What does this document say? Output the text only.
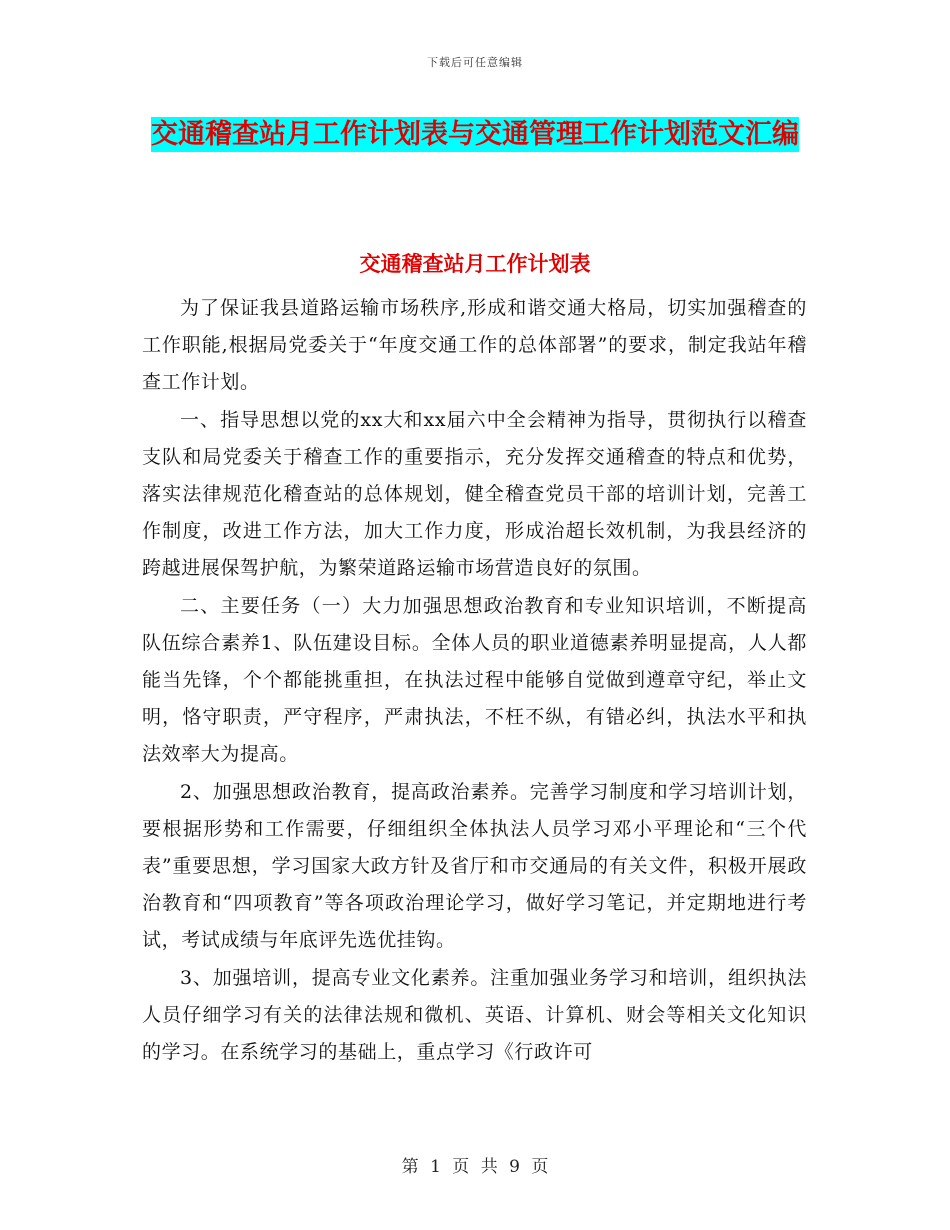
下载后可任意编辑
交通稽查站月工作计划表与交通管理工作计划范文汇编
交通稽查站月工作计划表

为了保证我县道路运输市场秩序,形成和谐交通大格局，切实加强稽查的工作职能,根据局党委关于“年度交通工作的总体部署”的要求，制定我站年稽查工作计划。

一、指导思想以党的xx大和xx届六中全会精神为指导，贯彻执行以稽查支队和局党委关于稽查工作的重要指示，充分发挥交通稽查的特点和优势，落实法律规范化稽查站的总体规划，健全稽查党员干部的培训计划，完善工作制度，改进工作方法，加大工作力度，形成治超长效机制，为我县经济的跨越进展保驾护航，为繁荣道路运输市场营造良好的氛围。

二、主要任务（一）大力加强思想政治教育和专业知识培训，不断提高队伍综合素养1、队伍建设目标。全体人员的职业道德素养明显提高，人人都能当先锋，个个都能挑重担，在执法过程中能够自觉做到遵章守纪，举止文明，恪守职责，严守程序，严肃执法，不枉不纵，有错必纠，执法水平和执法效率大为提高。

2、加强思想政治教育，提高政治素养。完善学习制度和学习培训计划，要根据形势和工作需要，仔细组织全体执法人员学习邓小平理论和“三个代表”重要思想，学习国家大政方针及省厅和市交通局的有关文件，积极开展政治教育和“四项教育”等各项政治理论学习，做好学习笔记，并定期地进行考试，考试成绩与年底评先选优挂钩。

3、加强培训，提高专业文化素养。注重加强业务学习和培训，组织执法人员仔细学习有关的法律法规和微机、英语、计算机、财会等相关文化知识的学习。在系统学习的基础上，重点学习《行政许可

第 1 页 共 9 页
